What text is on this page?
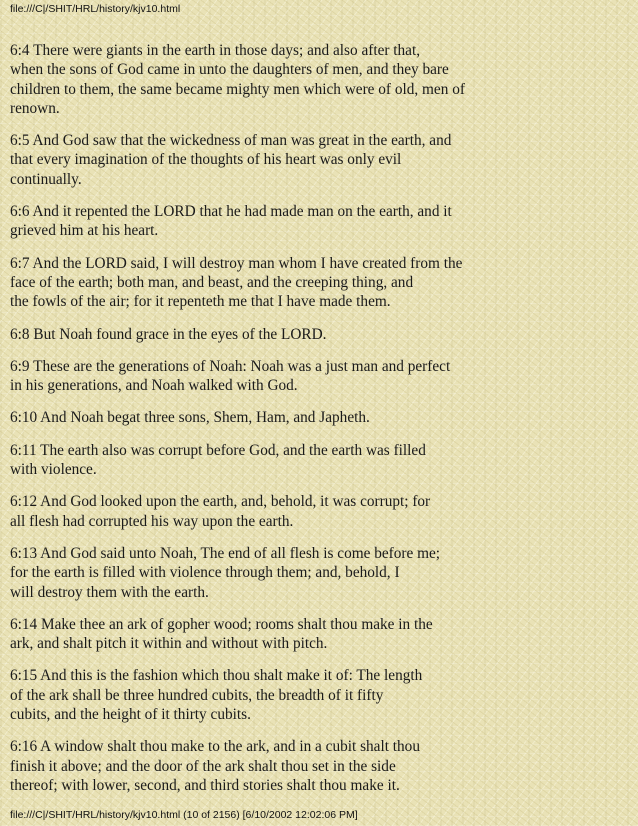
file:///C|/SHIT/HRL/history/kjv10.html

6:4 There were giants in the earth in those days; and also after that,
when the sons of God came in unto the daughters of men, and they bare
children to them, the same became mighty men which were of old, men of
renown.

6:5 And God saw that the wickedness of man was great in the earth, and
that every imagination of the thoughts of his heart was only evil
continually.

6:6 And it repented the LORD that he had made man on the earth, and it
grieved him at his heart.

6:7 And the LORD said, I will destroy man whom I have created from the
face of the earth; both man, and beast, and the creeping thing, and
the fowls of the air; for it repenteth me that I have made them.

6:8 But Noah found grace in the eyes of the LORD.

6:9 These are the generations of Noah: Noah was a just man and perfect
in his generations, and Noah walked with God.

6:10 And Noah begat three sons, Shem, Ham, and Japheth.

6:11 The earth also was corrupt before God, and the earth was filled
with violence.

6:12 And God looked upon the earth, and, behold, it was corrupt; for
all flesh had corrupted his way upon the earth.

6:13 And God said unto Noah, The end of all flesh is come before me;
for the earth is filled with violence through them; and, behold, I
will destroy them with the earth.

6:14 Make thee an ark of gopher wood; rooms shalt thou make in the
ark, and shalt pitch it within and without with pitch.

6:15 And this is the fashion which thou shalt make it of: The length
of the ark shall be three hundred cubits, the breadth of it fifty
cubits, and the height of it thirty cubits.

6:16 A window shalt thou make to the ark, and in a cubit shalt thou
finish it above; and the door of the ark shalt thou set in the side
thereof; with lower, second, and third stories shalt thou make it.

file:///C|/SHIT/HRL/history/kjv10.html (10 of 2156) [6/10/2002 12:02:06 PM]
